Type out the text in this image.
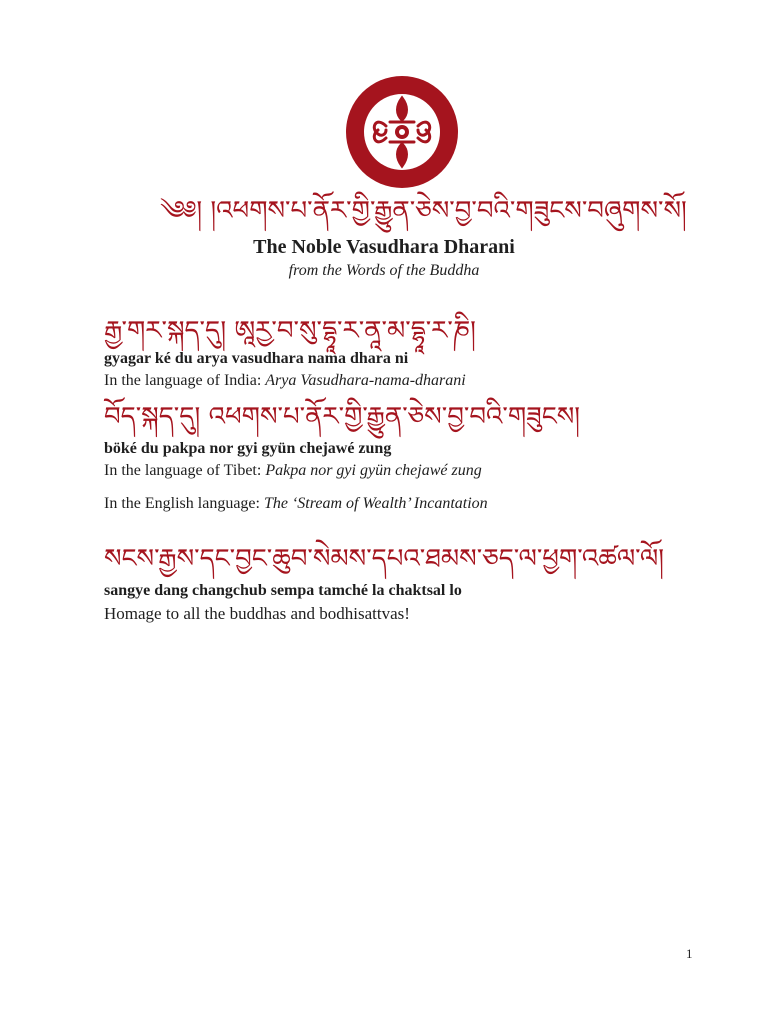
༄༅། །འཕགས་པ་ནོར་གྱི་རྒྱུན་ཅེས་བྱ་བའི་གཟུངས་བཞུགས་སོ།
The Noble Vasudhara Dharani
from the Words of the Buddha
རྒྱ་གར་སྐད་དུ། ཨཱརྱ་བ་སུ་དྷཱ་ར་ནཱ་མ་དྷཱ་ར་ཎི།
gyagar ké du arya vasudhara nama dhara ni
In the language of India: Arya Vasudhara-nama-dharani
བོད་སྐད་དུ། འཕགས་པ་ནོར་གྱི་རྒྱུན་ཅེས་བྱ་བའི་གཟུངས།
böké du pakpa nor gyi gyün chejawé zung
In the language of Tibet: Pakpa nor gyi gyün chejawé zung
In the English language: The ‘Stream of Wealth’ Incantation
སངས་རྒྱས་དང་བྱང་ཆུབ་སེམས་དཔའ་ཐམས་ཅད་ལ་ཕྱག་འཚལ་ལོ།
sangye dang changchub sempa tamché la chaktsal lo
Homage to all the buddhas and bodhisattvas!
1
